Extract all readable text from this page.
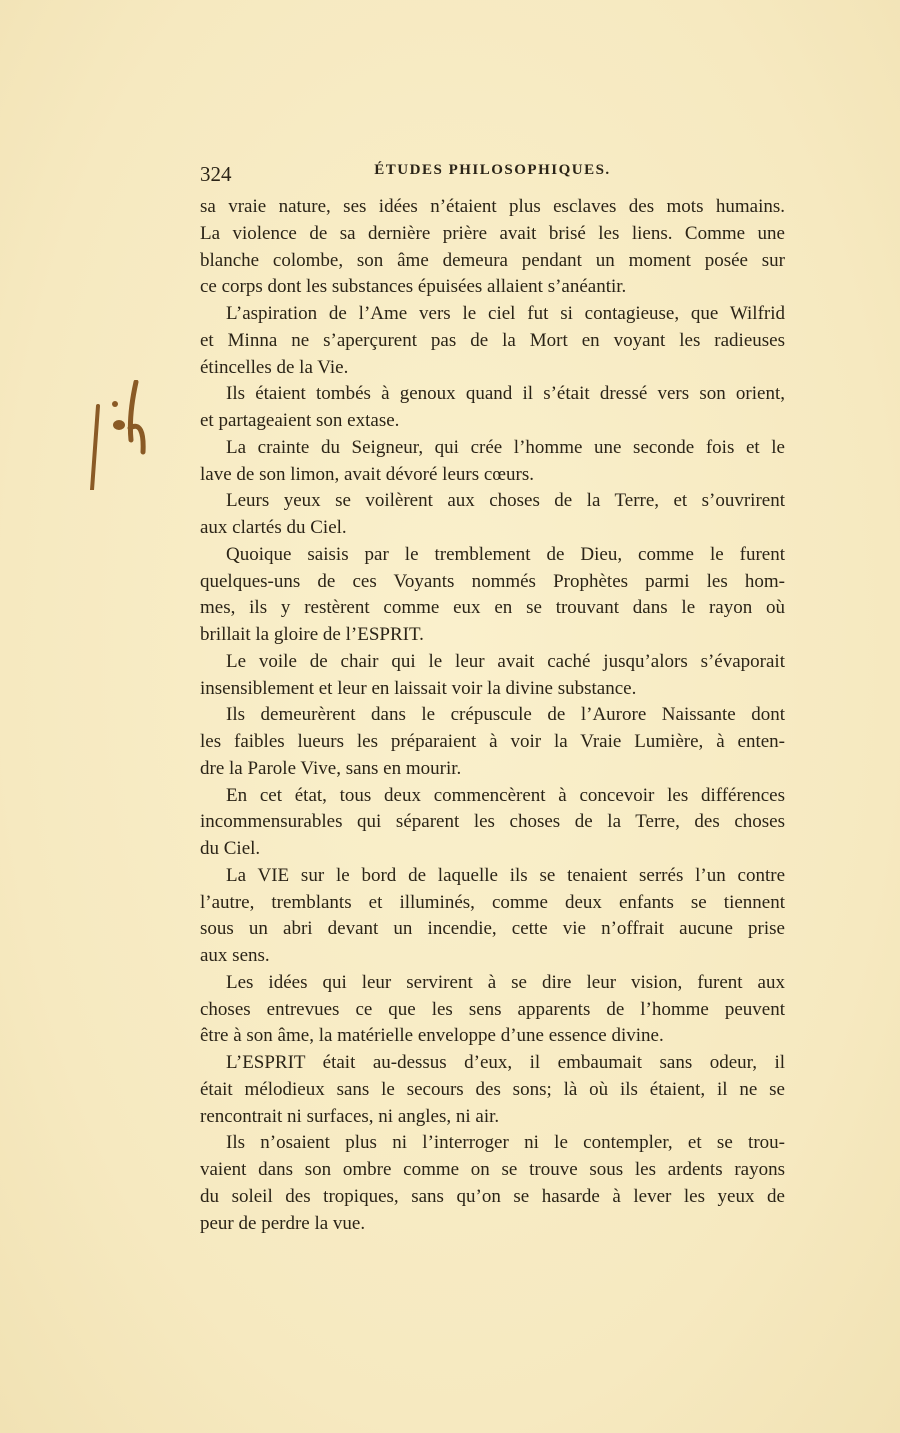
324	ÉTUDES PHILOSOPHIQUES.
sa vraie nature, ses idées n’étaient plus esclaves des mots humains.
La violence de sa dernière prière avait brisé les liens. Comme une
blanche colombe, son âme demeura pendant un moment posée sur
ce corps dont les substances épuisées allaient s’anéantir.
L’aspiration de l’Ame vers le ciel fut si contagieuse, que Wilfrid
et Minna ne s’aperçurent pas de la Mort en voyant les radieuses
étincelles de la Vie.
Ils étaient tombés à genoux quand il s’était dressé vers son orient,
et partageaient son extase.
La crainte du Seigneur, qui crée l’homme une seconde fois et le
lave de son limon, avait dévoré leurs cœurs.
Leurs yeux se voilèrent aux choses de la Terre, et s’ouvrirent
aux clartés du Ciel.
Quoique saisis par le tremblement de Dieu, comme le furent
quelques-uns de ces Voyants nommés Prophètes parmi les hom-
mes, ils y restèrent comme eux en se trouvant dans le rayon où
brillait la gloire de l’ESPRIT.
Le voile de chair qui le leur avait caché jusqu’alors s’évaporait
insensiblement et leur en laissait voir la divine substance.
Ils demeurèrent dans le crépuscule de l’Aurore Naissante dont
les faibles lueurs les préparaient à voir la Vraie Lumière, à enten-
dre la Parole Vive, sans en mourir.
En cet état, tous deux commencèrent à concevoir les différences
incommensurables qui séparent les choses de la Terre, des choses
du Ciel.
La VIE sur le bord de laquelle ils se tenaient serrés l’un contre
l’autre, tremblants et illuminés, comme deux enfants se tiennent
sous un abri devant un incendie, cette vie n’offrait aucune prise
aux sens.
Les idées qui leur servirent à se dire leur vision, furent aux
choses entrevues ce que les sens apparents de l’homme peuvent
être à son âme, la matérielle enveloppe d’une essence divine.
L’ESPRIT était au-dessus d’eux, il embaumait sans odeur, il
était mélodieux sans le secours des sons; là où ils étaient, il ne se
rencontrait ni surfaces, ni angles, ni air.
Ils n’osaient plus ni l’interroger ni le contempler, et se trou-
vaient dans son ombre comme on se trouve sous les ardents rayons
du soleil des tropiques, sans qu’on se hasarde à lever les yeux de
peur de perdre la vue.
